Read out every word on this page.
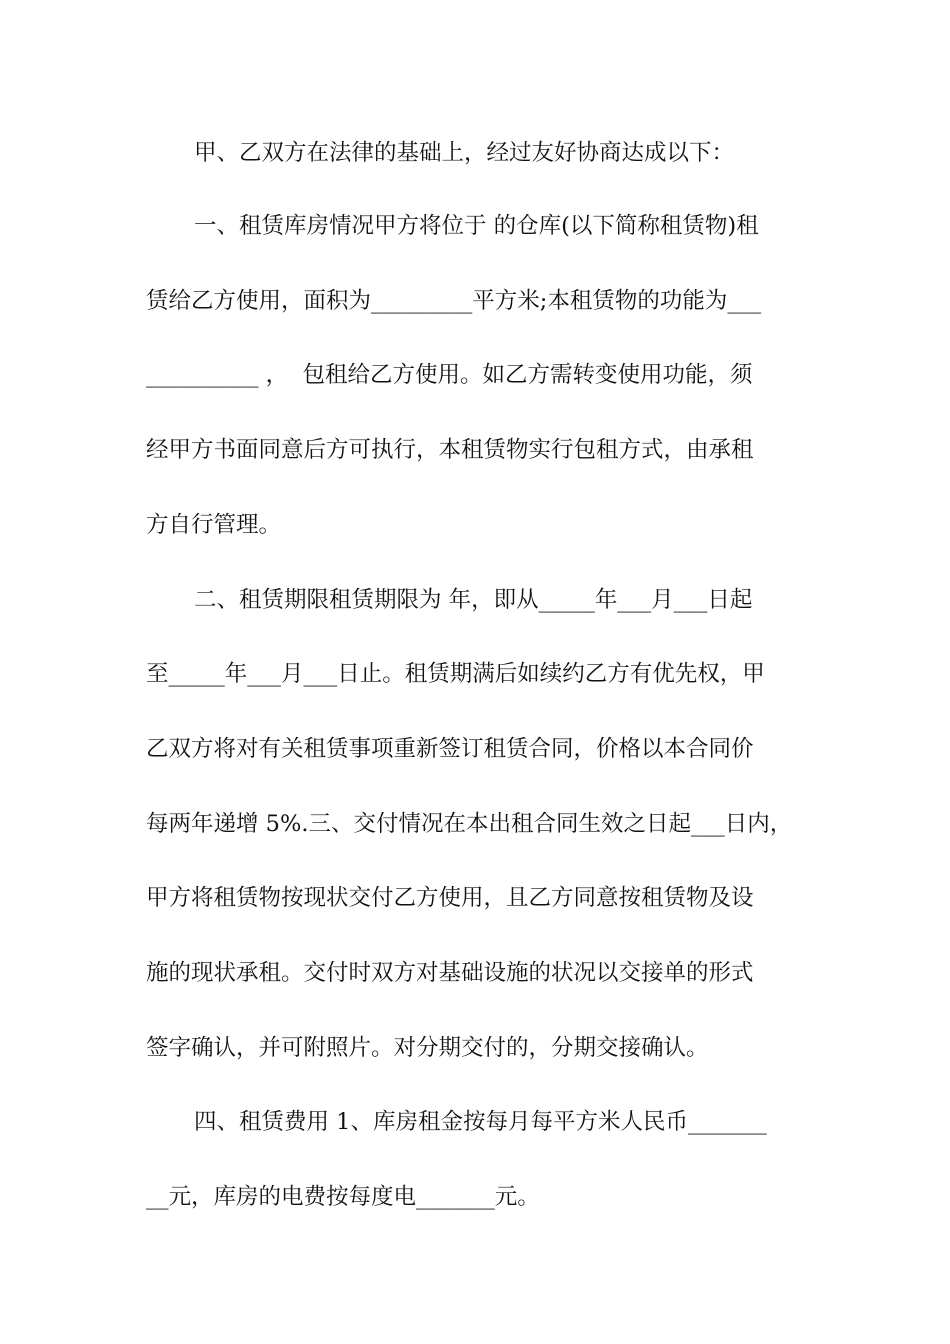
甲、乙双方在法律的基础上，经过友好协商达成以下：
一、租赁库房情况甲方将位于 的仓库(以下简称租赁物)租
赁给乙方使用，面积为_________平方米;本租赁物的功能为___
__________ ，  包租给乙方使用。如乙方需转变使用功能，须
经甲方书面同意后方可执行，本租赁物实行包租方式，由承租
方自行管理。
二、租赁期限租赁期限为 年，即从_____年___月___日起
至_____年___月___日止。租赁期满后如续约乙方有优先权，甲
乙双方将对有关租赁事项重新签订租赁合同，价格以本合同价
每两年递增 5%.三、交付情况在本出租合同生效之日起___日内，
甲方将租赁物按现状交付乙方使用，且乙方同意按租赁物及设
施的现状承租。交付时双方对基础设施的状况以交接单的形式
签字确认，并可附照片。对分期交付的，分期交接确认。
四、租赁费用 1、库房租金按每月每平方米人民币_______
__元，库房的电费按每度电_______元。
